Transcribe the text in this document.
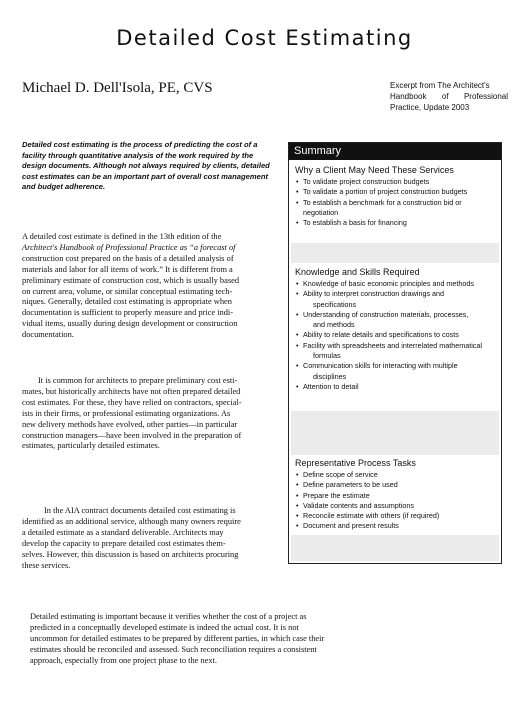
Detailed Cost Estimating
Michael D. Dell'Isola, PE, CVS	Excerpt from The Architect's
Handbook of Professional
Practice, Update 2003
Detailed cost estimating is the process of predicting the cost of a facility through quantitative analysis of the work required by the design documents. Although not always required by clients, detailed cost estimates can be an important part of overall cost management and budget adherence.
A detailed cost estimate is defined in the 13th edition of the
Architect's Handbook of Professional Practice as “a forecast of
construction cost prepared on the basis of a detailed analysis of
materials and labor for all items of work.” It is different from a
preliminary estimate of construction cost, which is usually based
on current area, volume, or similar conceptual estimating tech-
niques. Generally, detailed cost estimating is appropriate when
documentation is sufficient to properly measure and price indi-
vidual items, usually during design development or construction
documentation.
It is common for architects to prepare preliminary cost esti-
mates, but historically architects have not often prepared detailed
cost estimates. For these, they have relied on contractors, special-
ists in their firms, or professional estimating organizations. As
new delivery methods have evolved, other parties—in particular
construction managers—have been involved in the preparation of
estimates, particularly detailed estimates.
In the AIA contract documents detailed cost estimating is
identified as an additional service, although many owners require
a detailed estimate as a standard deliverable. Architects may
develop the capacity to prepare detailed cost estimates them-
selves. However, this discussion is based on architects procuring
these services.
Detailed estimating is important because it verifies whether the cost of a project as
predicted in a conceptually developed estimate is indeed the actual cost. It is not
uncommon for detailed estimates to be prepared by different parties, in which case their
estimates should be reconciled and assessed. Such reconciliation requires a consistent
approach, especially from one project phase to the next.
Summary
Why a Client May Need These Services
• To validate project construction budgets
• To validate a portion of project construction budgets
• To establish a benchmark for a construction bid or
negotiation
• To establish a basis for financing
Knowledge and Skills Required
• Knowledge of basic economic principles and methods
• Ability to interpret construction drawings and
specifications
• Understanding of construction materials, processes,
and methods
• Ability to relate details and specifications to costs
• Facility with spreadsheets and interrelated mathematical
formulas
• Communication skills for interacting with multiple
disciplines
• Attention to detail
Representative Process Tasks
• Define scope of service
• Define parameters to be used
• Prepare the estimate
• Validate contents and assumptions
• Reconcile estimate with others (if required)
• Document and present results
